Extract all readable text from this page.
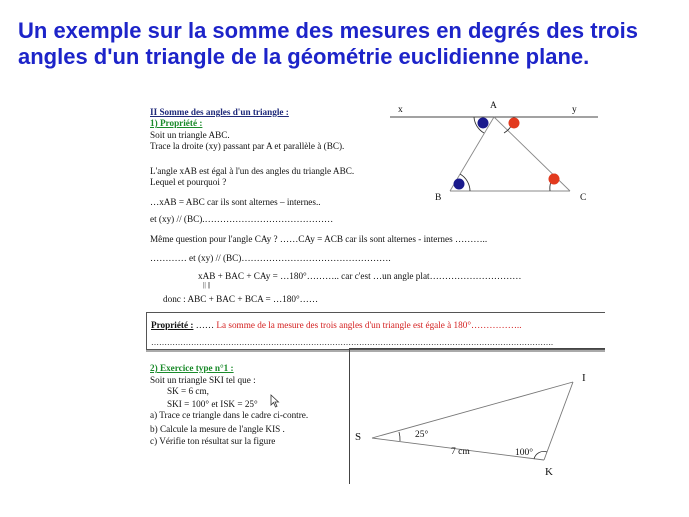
Un exemple sur la somme des mesures en degrés des trois angles d'un triangle de la géométrie euclidienne plane.
II Somme des angles d'un triangle :
1) Propriété :
Soit un triangle ABC.
Trace la droite (xy) passant par A et parallèle à (BC).
L'angle xAB est égal à l'un des angles du triangle ABC.
Lequel et pourquoi ?
…xAB = ABC car ils sont alternes – internes..
et (xy) // (BC).……………………………………
Même question pour l'angle CAy ? ……CAy = ACB car ils sont alternes - internes ………..
………… et (xy) // (BC)………………………………………….
xAB + BAC + CAy = …180°……….. car c'est …un angle plat…………………………
|| ||
donc : ABC + BAC + BCA = …180°……
Propriété : …… La somme de la mesure des trois angles d'un triangle est égale à 180°……………..
…………………………………………………………………………………………………………………………………….
2) Exercice type n°1 :
Soit un triangle SKI tel que :
SK = 6 cm,
SKI = 100° et ISK = 25°
a) Trace ce triangle dans le cadre ci-contre.
b) Calcule la mesure de l'angle KIS .
c) Vérifie ton résultat sur la figure
x	y
A
B	C
S
K
I
25°
100°
7 cm
